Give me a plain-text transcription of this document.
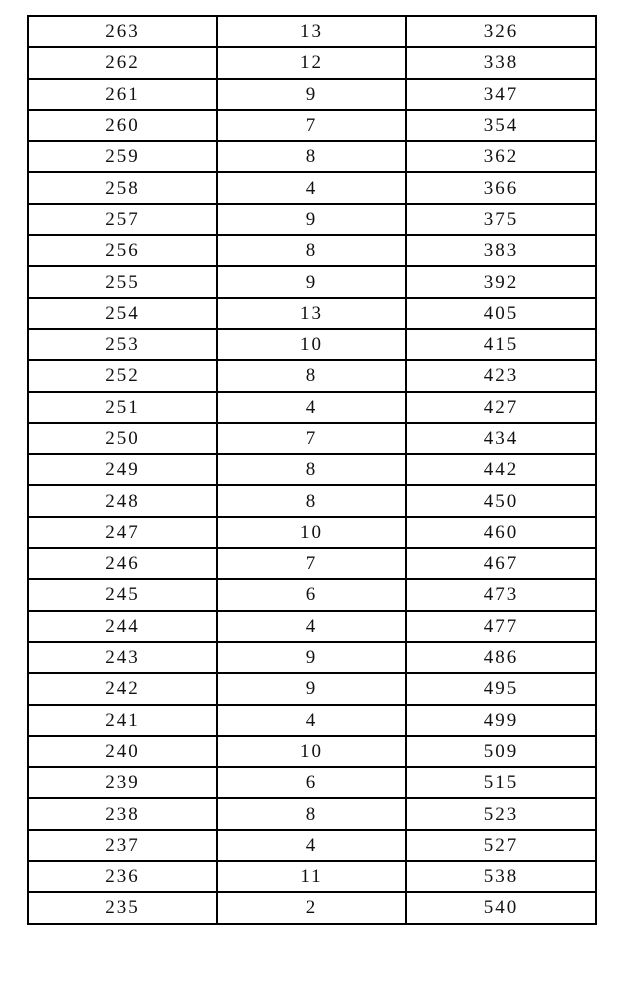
263	13	326
262	12	338
261	9	347
260	7	354
259	8	362
258	4	366
257	9	375
256	8	383
255	9	392
254	13	405
253	10	415
252	8	423
251	4	427
250	7	434
249	8	442
248	8	450
247	10	460
246	7	467
245	6	473
244	4	477
243	9	486
242	9	495
241	4	499
240	10	509
239	6	515
238	8	523
237	4	527
236	11	538
235	2	540
